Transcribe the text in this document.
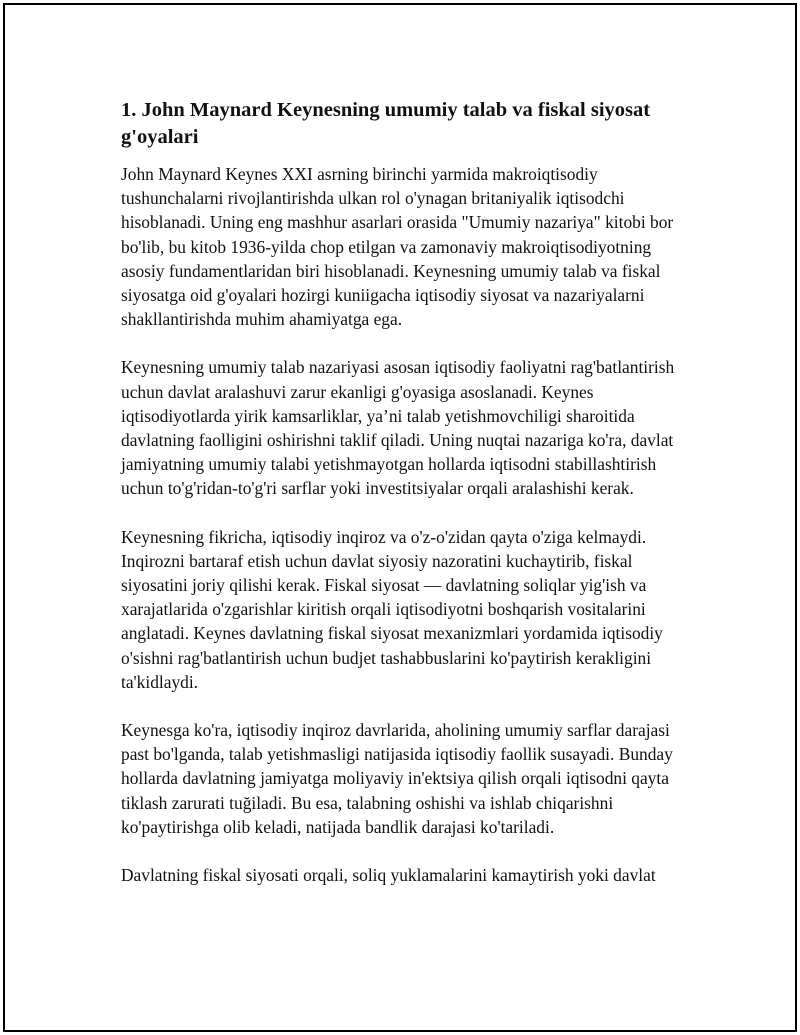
1. John Maynard Keynesning umumiy talab va fiskal siyosat g'oyalari

John Maynard Keynes XXI asrning birinchi yarmida makroiqtisodiy tushunchalarni rivojlantirishda ulkan rol o'ynagan britaniyalik iqtisodchi hisoblanadi. Uning eng mashhur asarlari orasida "Umumiy nazariya" kitobi bor bo'lib, bu kitob 1936-yilda chop etilgan va zamonaviy makroiqtisodiyotning asosiy fundamentlaridan biri hisoblanadi. Keynesning umumiy talab va fiskal siyosatga oid g'oyalari hozirgi kuniigacha iqtisodiy siyosat va nazariyalarni shakllantirishda muhim ahamiyatga ega.

Keynesning umumiy talab nazariyasi asosan iqtisodiy faoliyatni rag'batlantirish uchun davlat aralashuvi zarur ekanligi g'oyasiga asoslanadi. Keynes iqtisodiyotlarda yirik kamsarliklar, ya’ni talab yetishmovchiligi sharoitida davlatning faolligini oshirishni taklif qiladi. Uning nuqtai nazariga ko'ra, davlat jamiyatning umumiy talabi yetishmayotgan hollarda iqtisodni stabillashtirish uchun to'g'ridan-to'g'ri sarflar yoki investitsiyalar orqali aralashishi kerak.

Keynesning fikricha, iqtisodiy inqiroz va o'z-o'zidan qayta o'ziga kelmaydi. Inqirozni bartaraf etish uchun davlat siyosiy nazoratini kuchaytirib, fiskal siyosatini joriy qilishi kerak. Fiskal siyosat — davlatning soliqlar yig'ish va xarajatlarida o'zgarishlar kiritish orqali iqtisodiyotni boshqarish vositalarini anglatadi. Keynes davlatning fiskal siyosat mexanizmlari yordamida iqtisodiy o'sishni rag'batlantirish uchun budjet tashabbuslarini ko'paytirish kerakligini ta'kidlaydi.

Keynesga ko'ra, iqtisodiy inqiroz davrlarida, aholining umumiy sarflar darajasi past bo'lganda, talab yetishmasligi natijasida iqtisodiy faollik susayadi. Bunday hollarda davlatning jamiyatga moliyaviy in'ektsiya qilish orqali iqtisodni qayta tiklash zarurati tuğiladi. Bu esa, talabning oshishi va ishlab chiqarishni ko'paytirishga olib keladi, natijada bandlik darajasi ko'tariladi.

Davlatning fiskal siyosati orqali, soliq yuklamalarini kamaytirish yoki davlat
